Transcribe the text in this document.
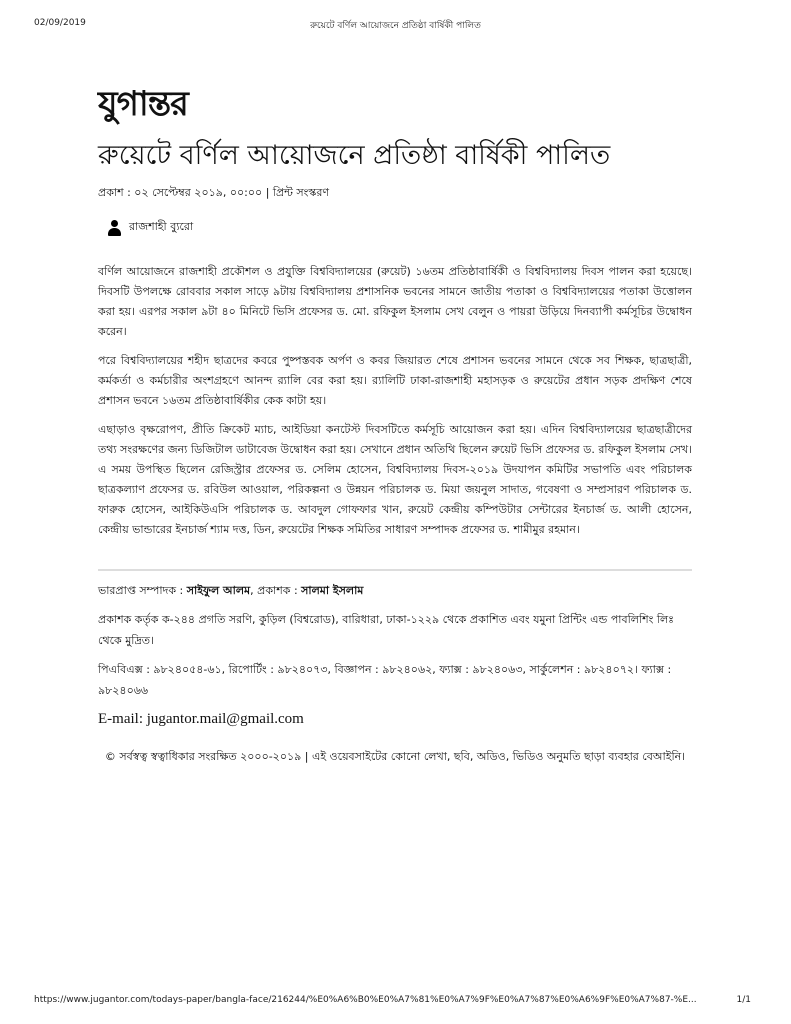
02/09/2019	রুয়েটে বর্ণিল আয়োজনে প্রতিষ্ঠা বার্ষিকী পালিত
যুগান্তর
রুয়েটে বর্ণিল আয়োজনে প্রতিষ্ঠা বার্ষিকী পালিত
প্রকাশ : ০২ সেপ্টেম্বর ২০১৯, ০০:০০ | প্রিন্ট সংস্করণ
রাজশাহী ব্যুরো

বর্ণিল আয়োজনে রাজশাহী প্রকৌশল ও প্রযুক্তি বিশ্ববিদ্যালয়ের (রুয়েট) ১৬তম প্রতিষ্ঠাবার্ষিকী ও বিশ্ববিদ্যালয় দিবস পালন করা হয়েছে। দিবসটি উপলক্ষে রোববার সকাল সাড়ে ৯টায় বিশ্ববিদ্যালয় প্রশাসনিক ভবনের সামনে জাতীয় পতাকা ও বিশ্ববিদ্যালয়ের পতাকা উত্তোলন করা হয়। এরপর সকাল ৯টা ৪০ মিনিটে ভিসি প্রফেসর ড. মো. রফিকুল ইসলাম সেখ বেলুন ও পায়রা উড়িয়ে দিনব্যাপী কর্মসূচির উদ্বোধন করেন।

পরে বিশ্ববিদ্যালয়ের শহীদ ছাত্রদের কবরে পুষ্পস্তবক অর্পণ ও কবর জিয়ারত শেষে প্রশাসন ভবনের সামনে থেকে সব শিক্ষক, ছাত্রছাত্রী, কর্মকর্তা ও কর্মচারীর অংশগ্রহণে আনন্দ র‌্যালি বের করা হয়। র‌্যালিটি ঢাকা-রাজশাহী মহাসড়ক ও রুয়েটের প্রধান সড়ক প্রদক্ষিণ শেষে প্রশাসন ভবনে ১৬তম প্রতিষ্ঠাবার্ষিকীর কেক কাটা হয়।

এছাড়াও বৃক্ষরোপণ, প্রীতি ক্রিকেট ম্যাচ, আইডিয়া কনটেস্ট দিবসটিতে কর্মসূচি আয়োজন করা হয়। এদিন বিশ্ববিদ্যালয়ের ছাত্রছাত্রীদের তথ্য সংরক্ষণের জন্য ডিজিটাল ডাটাবেজ উদ্বোধন করা হয়। সেখানে প্রধান অতিথি ছিলেন রুয়েট ভিসি প্রফেসর ড. রফিকুল ইসলাম সেখ। এ সময় উপস্থিত ছিলেন রেজিস্ট্রার প্রফেসর ড. সেলিম হোসেন, বিশ্ববিদ্যালয় দিবস-২০১৯ উদযাপন কমিটির সভাপতি এবং পরিচালক ছাত্রকল্যাণ প্রফেসর ড. রবিউল আওয়াল, পরিকল্পনা ও উন্নয়ন পরিচালক ড. মিয়া জয়নুল সাদাত, গবেষণা ও সম্প্রসারণ পরিচালক ড. ফারুক হোসেন, আইকিউএসি পরিচালক ড. আবদুল গোফফার খান, রুয়েট কেন্দ্রীয় কম্পিউটার সেন্টারের ইনচার্জ ড. আলী হোসেন, কেন্দ্রীয় ভান্ডারের ইনচার্জ শ্যাম দত্ত, ডিন, রুয়েটের শিক্ষক সমিতির সাধারণ সম্পাদক প্রফেসর ড. শামীমুর রহমান।

ভারপ্রাপ্ত সম্পাদক : সাইফুল আলম, প্রকাশক : সালমা ইসলাম

প্রকাশক কর্তৃক ক-২৪৪ প্রগতি সরণি, কুড়িল (বিশ্বরোড), বারিধারা, ঢাকা-১২২৯ থেকে প্রকাশিত এবং যমুনা প্রিন্টিং এন্ড পাবলিশিং লিঃ থেকে মুদ্রিত।

পিএবিএক্স : ৯৮২৪০৫৪-৬১, রিপোর্টিং : ৯৮২৪০৭৩, বিজ্ঞাপন : ৯৮২৪০৬২, ফ্যাক্স : ৯৮২৪০৬৩, সার্কুলেশন : ৯৮২৪০৭২। ফ্যাক্স : ৯৮২৪০৬৬

E-mail: jugantor.mail@gmail.com

© সর্বস্বত্ব স্বত্বাধিকার সংরক্ষিত ২০০০-২০১৯ | এই ওয়েবসাইটের কোনো লেখা, ছবি, অডিও, ভিডিও অনুমতি ছাড়া ব্যবহার বেআইনি।

https://www.jugantor.com/todays-paper/bangla-face/216244/%E0%A6%B0%E0%A7%81%E0%A7%9F%E0%A7%87%E0%A6%9F%E0%A7%87-%E...	1/1
